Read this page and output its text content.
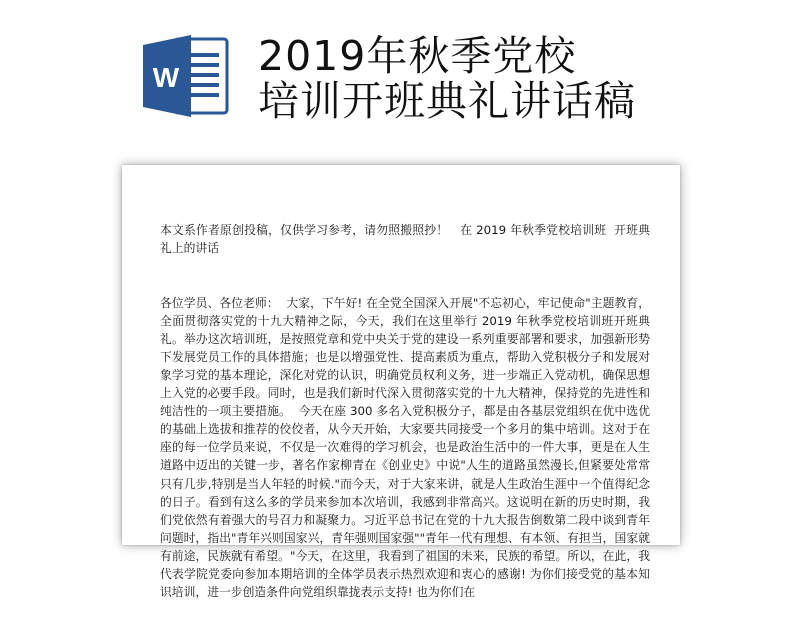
W 2019年秋季党校
培训开班典礼讲话稿

本文系作者原创投稿，仅供学习参考，请勿照搬照抄！   在 2019 年秋季党校培训班  开班典礼上的讲话

各位学员、各位老师：  大家，下午好! 在全党全国深入开展"不忘初心，牢记使命"主题教育，全面贯彻落实党的十九大精神之际，今天，我们在这里举行 2019 年秋季党校培训班开班典礼。举办这次培训班，是按照党章和党中央关于党的建设一系列重要部署和要求，加强新形势下发展党员工作的具体措施；也是以增强党性、提高素质为重点，帮助入党积极分子和发展对象学习党的基本理论，深化对党的认识，明确党员权利义务，进一步端正入党动机，确保思想上入党的必要手段。同时，也是我们新时代深入贯彻落实党的十九大精神，保持党的先进性和纯洁性的一项主要措施。  今天在座 300 多名入党积极分子，都是由各基层党组织在优中选优的基础上选拔和推荐的佼佼者，从今天开始，大家要共同接受一个多月的集中培训。这对于在座的每一位学员来说，不仅是一次难得的学习机会，也是政治生活中的一件大事，更是在人生道路中迈出的关键一步，著名作家柳青在《创业史》中说"人生的道路虽然漫长,但紧要处常常只有几步,特别是当人年轻的时候."而今天，对于大家来讲，就是人生政治生涯中一个值得纪念的日子。看到有这么多的学员来参加本次培训，我感到非常高兴。这说明在新的历史时期，我们党依然有着强大的号召力和凝聚力。习近平总书记在党的十九大报告倒数第二段中谈到青年问题时，指出"青年兴则国家兴，青年强则国家强""青年一代有理想、有本领、有担当，国家就有前途，民族就有希望。"今天，在这里，我看到了祖国的未来，民族的希望。所以，在此，我代表学院党委向参加本期培训的全体学员表示热烈欢迎和衷心的感谢! 为你们接受党的基本知识培训，进一步创造条件向党组织靠拢表示支持! 也为你们在
